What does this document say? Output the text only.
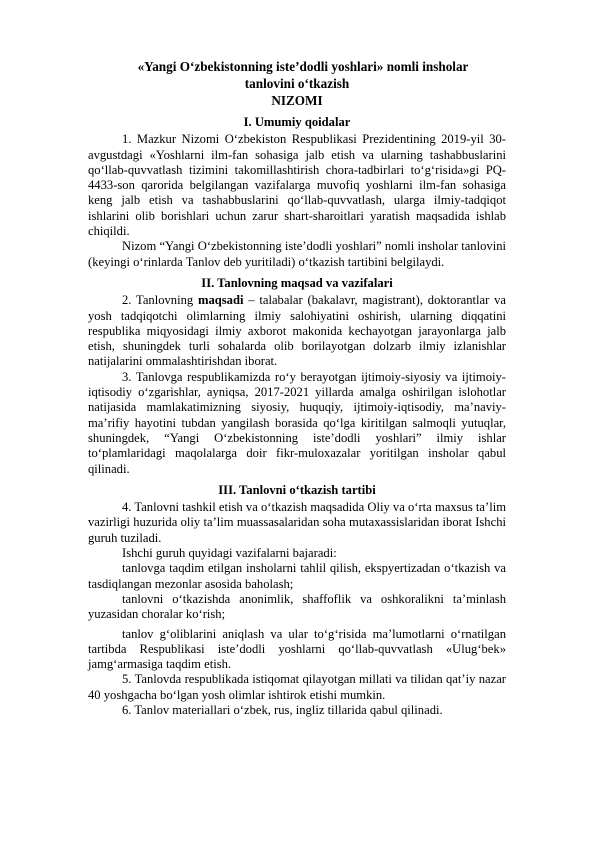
«Yangi O‘zbekistonning iste’dodli yoshlari» nomli insholar
tanlovini o‘tkazish
NIZOMI
I. Umumiy qoidalar

1. Mazkur Nizomi O‘zbekiston Respublikasi Prezidentining 2019-yil 30-avgustdagi «Yoshlarni ilm-fan sohasiga jalb etish va ularning tashabbuslarini qo‘llab-quvvatlash tizimini takomillashtirish chora-tadbirlari to‘g‘risida»gi PQ-4433-son qarorida belgilangan vazifalarga muvofiq yoshlarni ilm-fan sohasiga keng jalb etish va tashabbuslarini qo‘llab-quvvatlash, ularga ilmiy-tadqiqot ishlarini olib borishlari uchun zarur shart-sharoitlari yaratish maqsadida ishlab chiqildi.

Nizom “Yangi O‘zbekistonning iste’dodli yoshlari” nomli insholar tanlovini (keyingi o‘rinlarda Tanlov deb yuritiladi) o‘tkazish tartibini belgilaydi.

II. Tanlovning maqsad va vazifalari

2. Tanlovning maqsadi – talabalar (bakalavr, magistrant), doktorantlar va yosh tadqiqotchi olimlarning ilmiy salohiyatini oshirish, ularning diqqatini respublika miqyosidagi ilmiy axborot makonida kechayotgan jarayonlarga jalb etish, shuningdek turli sohalarda olib borilayotgan dolzarb ilmiy izlanishlar natijalarini ommalashtirishdan iborat.

3. Tanlovga respublikamizda ro‘y berayotgan ijtimoiy-siyosiy va ijtimoiy-iqtisodiy o‘zgarishlar, ayniqsa, 2017-2021 yillarda amalga oshirilgan islohotlar natijasida mamlakatimizning siyosiy, huquqiy, ijtimoiy-iqtisodiy, ma’naviy-ma’rifiy hayotini tubdan yangilash borasida qo‘lga kiritilgan salmoqli yutuqlar, shuningdek, “Yangi O‘zbekistonning iste’dodli yoshlari” ilmiy ishlar to‘plamlaridagi maqolalarga doir fikr-muloxazalar yoritilgan insholar qabul qilinadi.

III. Tanlovni o‘tkazish tartibi

4. Tanlovni tashkil etish va o‘tkazish maqsadida Oliy va o‘rta maxsus ta’lim vazirligi huzurida oliy ta’lim muassasalaridan soha mutaxassislaridan iborat Ishchi guruh tuziladi.

Ishchi guruh quyidagi vazifalarni bajaradi:

tanlovga taqdim etilgan insholarni tahlil qilish, ekspyertizadan o‘tkazish va tasdiqlangan mezonlar asosida baholash;

tanlovni o‘tkazishda anonimlik, shaffoflik va oshkoralikni ta’minlash yuzasidan choralar ko‘rish;

tanlov g‘oliblarini aniqlash va ular to‘g‘risida ma’lumotlarni o‘rnatilgan tartibda Respublikasi iste’dodli yoshlarni qo‘llab-quvvatlash «Ulug‘bek» jamg‘armasiga taqdim etish.

5. Tanlovda respublikada istiqomat qilayotgan millati va tilidan qat’iy nazar 40 yoshgacha bo‘lgan yosh olimlar ishtirok etishi mumkin.

6. Tanlov materiallari o‘zbek, rus, ingliz tillarida qabul qilinadi.
